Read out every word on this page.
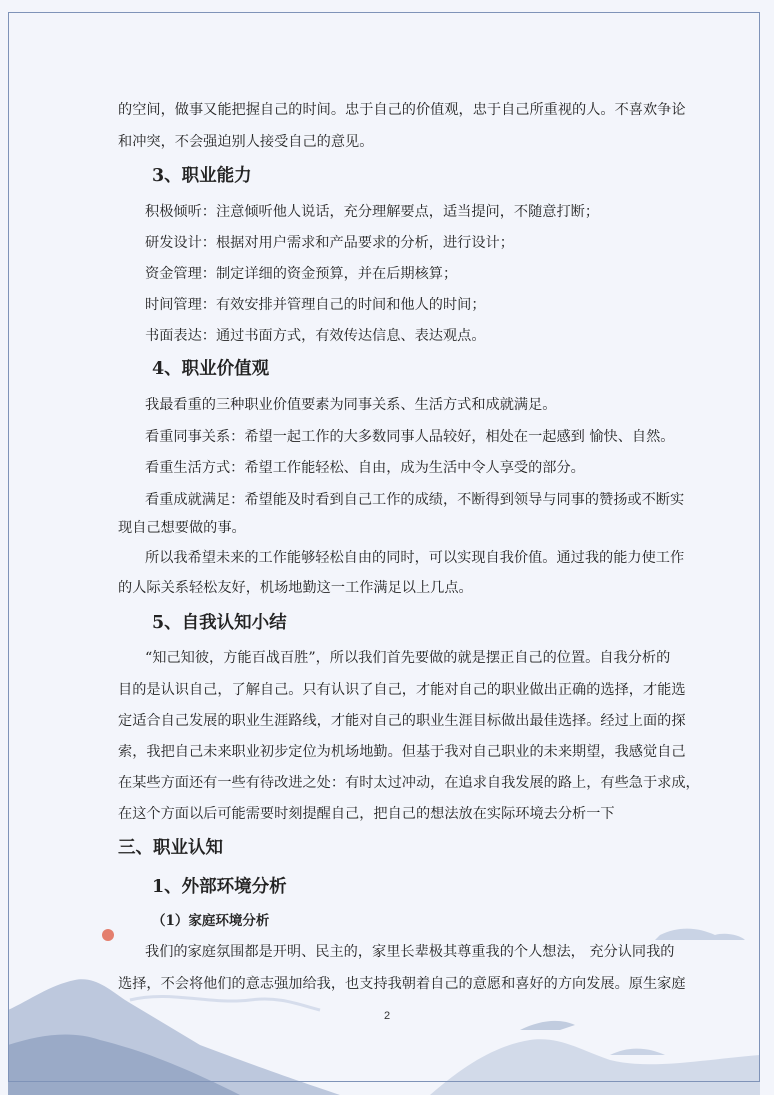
的空间，做事又能把握自己的时间。忠于自己的价值观，忠于自己所重视的人。不喜欢争论

和冲突，不会强迫别人接受自己的意见。

3、职业能力

积极倾听：注意倾听他人说话，充分理解要点，适当提问，不随意打断；

研发设计：根据对用户需求和产品要求的分析，进行设计；

资金管理：制定详细的资金预算，并在后期核算；

时间管理：有效安排并管理自己的时间和他人的时间；

书面表达：通过书面方式，有效传达信息、表达观点。

4、职业价值观

我最看重的三种职业价值要素为同事关系、生活方式和成就满足。

看重同事关系：希望一起工作的大多数同事人品较好，相处在一起感到 愉快、自然。

看重生活方式：希望工作能轻松、自由，成为生活中令人享受的部分。

看重成就满足：希望能及时看到自己工作的成绩，不断得到领导与同事的赞扬或不断实

现自己想要做的事。

所以我希望未来的工作能够轻松自由的同时，可以实现自我价值。通过我的能力使工作

的人际关系轻松友好，机场地勤这一工作满足以上几点。

5、自我认知小结

“知己知彼，方能百战百胜”，所以我们首先要做的就是摆正自己的位置。自我分析的

目的是认识自己，了解自己。只有认识了自己，才能对自己的职业做出正确的选择，才能选

定适合自己发展的职业生涯路线，才能对自己的职业生涯目标做出最佳选择。经过上面的探

索，我把自己未来职业初步定位为机场地勤。但基于我对自己职业的未来期望，我感觉自己

在某些方面还有一些有待改进之处：有时太过冲动，在追求自我发展的路上，有些急于求成，

在这个方面以后可能需要时刻提醒自己，把自己的想法放在实际环境去分析一下

三、职业认知
1、外部环境分析
（1）家庭环境分析

我们的家庭氛围都是开明、民主的，家里长辈极其尊重我的个人想法， 充分认同我的

选择，不会将他们的意志强加给我，也支持我朝着自己的意愿和喜好的方向发展。原生家庭

2
